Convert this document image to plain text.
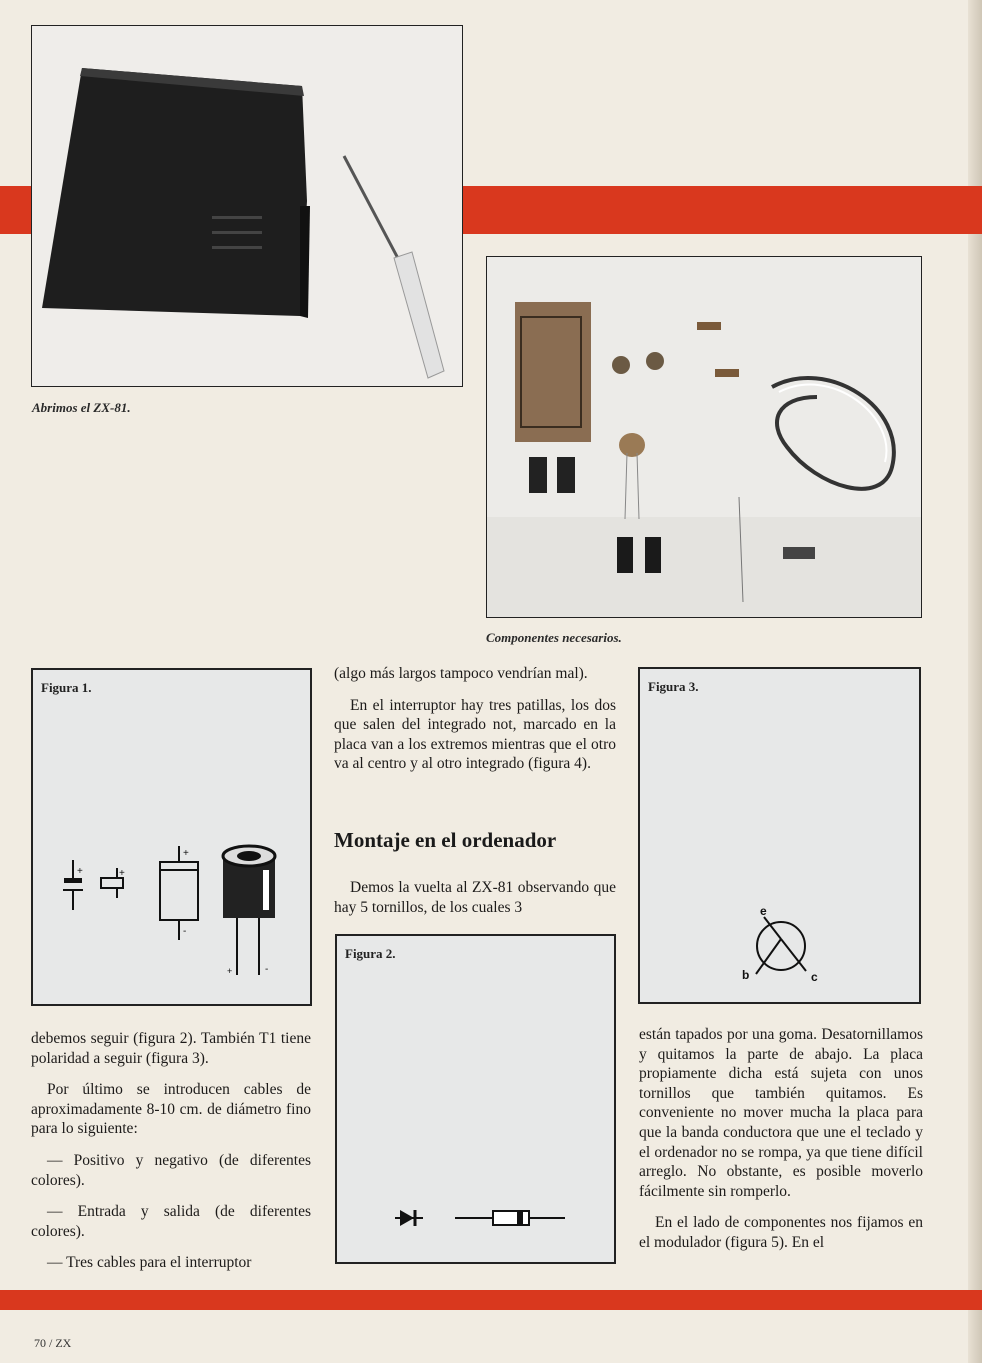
Abrimos el ZX-81.
Componentes necesarios.
Figura 1.
+	+
+
-
+	-
Figura 2.
Figura 3.
e
b	c

debemos seguir (figura 2). También T1 tiene polaridad a seguir (figura 3).

Por último se introducen cables de aproximadamente 8-10 cm. de diámetro fino para lo siguiente:

— Positivo y negativo (de diferentes colores).

— Entrada y salida (de diferentes colores).

— Tres cables para el interruptor

(algo más largos tampoco vendrían mal).

En el interruptor hay tres patillas, los dos que salen del integrado not, marcado en la placa van a los extremos mientras que el otro va al centro y al otro integrado (figura 4).

Montaje en el ordenador

Demos la vuelta al ZX-81 observando que hay 5 tornillos, de los cuales 3

están tapados por una goma. Desatornillamos y quitamos la parte de abajo. La placa propiamente dicha está sujeta con unos tornillos que también quitamos. Es conveniente no mover mucha la placa para que la banda conductora que une el teclado y el ordenador no se rompa, ya que tiene difícil arreglo. No obstante, es posible moverlo fácilmente sin romperlo.

En el lado de componentes nos fijamos en el modulador (figura 5). En el

70 / ZX
